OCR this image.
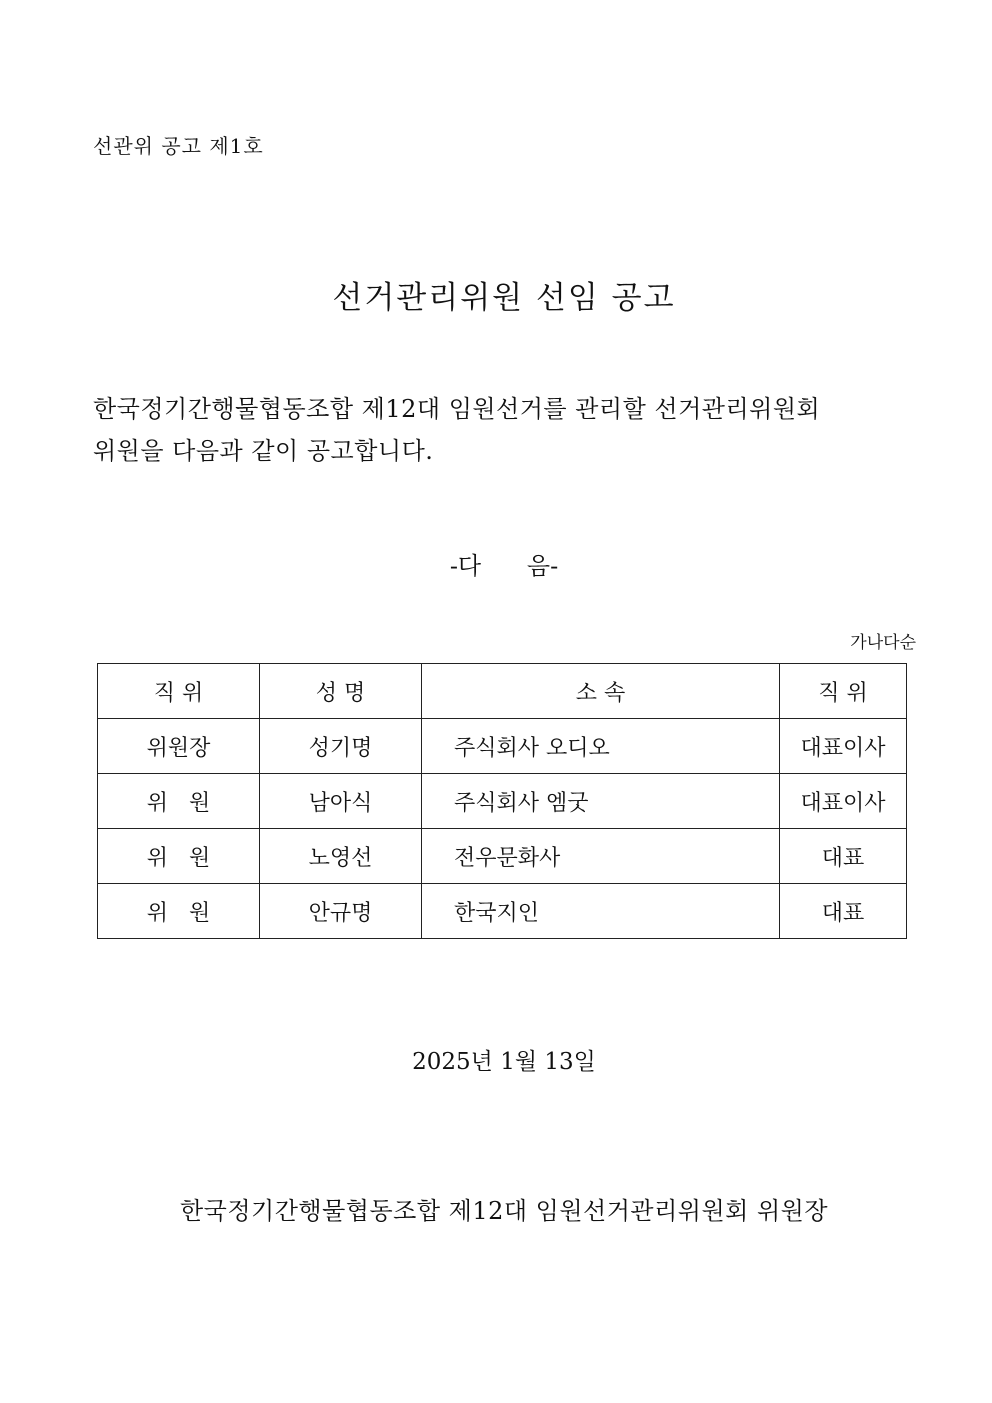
선관위 공고 제1호
선거관리위원 선임 공고

한국정기간행물협동조합 제12대 임원선거를 관리할 선거관리위원회

위원을 다음과 같이 공고합니다.

-다      음-
가나다순
직 위	성 명	소 속	직 위
위원장	성기명	주식회사 오디오	대표이사
위   원	남아식	주식회사 엠굿	대표이사
위   원	노영선	전우문화사	대표
위   원	안규명	한국지인	대표
2025년 1월 13일
한국정기간행물협동조합 제12대 임원선거관리위원회 위원장
